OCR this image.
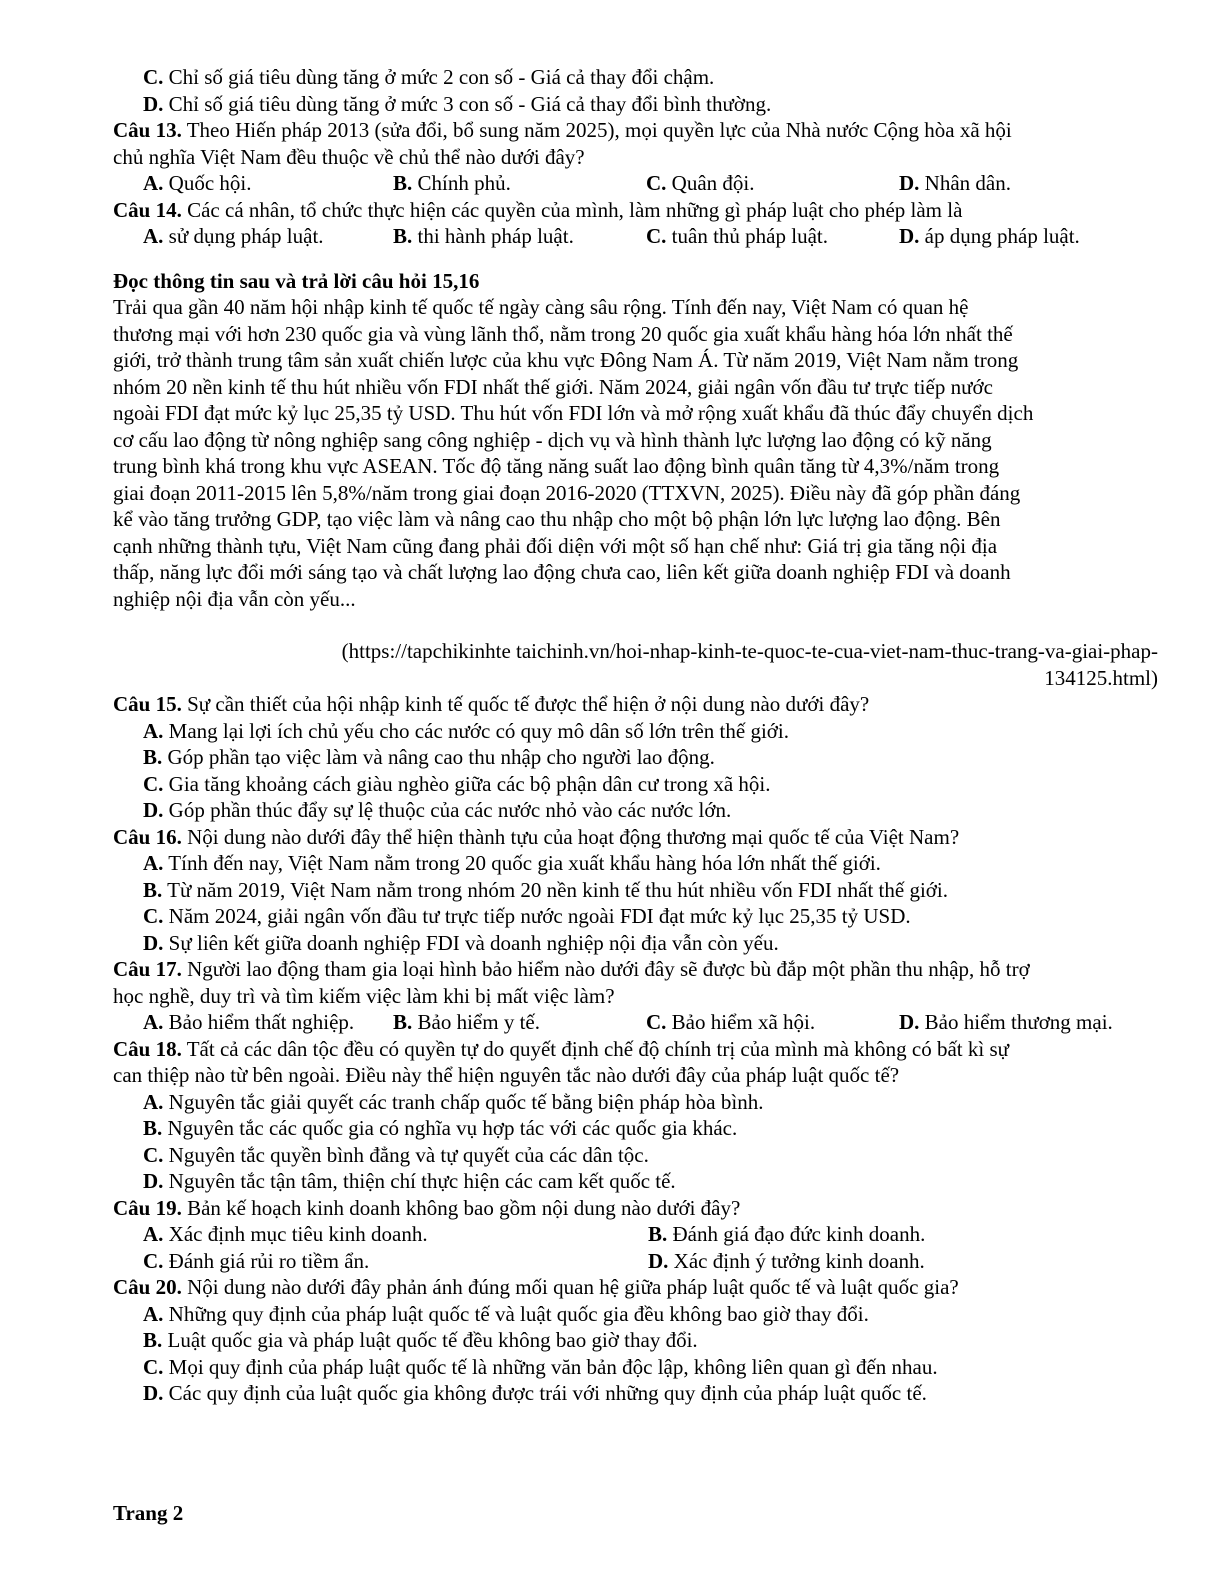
C. Chỉ số giá tiêu dùng tăng ở mức 2 con số - Giá cả thay đổi chậm.
D. Chỉ số giá tiêu dùng tăng ở mức 3 con số - Giá cả thay đổi bình thường.
Câu 13. Theo Hiến pháp 2013 (sửa đổi, bổ sung năm 2025), mọi quyền lực của Nhà nước Cộng hòa xã hội
chủ nghĩa Việt Nam đều thuộc về chủ thể nào dưới đây?
A. Quốc hội.	B. Chính phủ.	C. Quân đội.	D. Nhân dân.
Câu 14. Các cá nhân, tổ chức thực hiện các quyền của mình, làm những gì pháp luật cho phép làm là
A. sử dụng pháp luật.	B. thi hành pháp luật.	C. tuân thủ pháp luật.	D. áp dụng pháp luật.
Đọc thông tin sau và trả lời câu hỏi 15,16
Trải qua gần 40 năm hội nhập kinh tế quốc tế ngày càng sâu rộng. Tính đến nay, Việt Nam có quan hệ
thương mại với hơn 230 quốc gia và vùng lãnh thổ, nằm trong 20 quốc gia xuất khẩu hàng hóa lớn nhất thế
giới, trở thành trung tâm sản xuất chiến lược của khu vực Đông Nam Á. Từ năm 2019, Việt Nam nằm trong
nhóm 20 nền kinh tế thu hút nhiều vốn FDI nhất thế giới. Năm 2024, giải ngân vốn đầu tư trực tiếp nước
ngoài FDI đạt mức kỷ lục 25,35 tỷ USD. Thu hút vốn FDI lớn và mở rộng xuất khẩu đã thúc đẩy chuyển dịch
cơ cấu lao động từ nông nghiệp sang công nghiệp - dịch vụ và hình thành lực lượng lao động có kỹ năng
trung bình khá trong khu vực ASEAN. Tốc độ tăng năng suất lao động bình quân tăng từ 4,3%/năm trong
giai đoạn 2011-2015 lên 5,8%/năm trong giai đoạn 2016-2020 (TTXVN, 2025). Điều này đã góp phần đáng
kể vào tăng trưởng GDP, tạo việc làm và nâng cao thu nhập cho một bộ phận lớn lực lượng lao động. Bên
cạnh những thành tựu, Việt Nam cũng đang phải đối diện với một số hạn chế như: Giá trị gia tăng nội địa
thấp, năng lực đổi mới sáng tạo và chất lượng lao động chưa cao, liên kết giữa doanh nghiệp FDI và doanh
nghiệp nội địa vẫn còn yếu...
(https://tapchikinhte taichinh.vn/hoi-nhap-kinh-te-quoc-te-cua-viet-nam-thuc-trang-va-giai-phap-
134125.html)
Câu 15. Sự cần thiết của hội nhập kinh tế quốc tế được thể hiện ở nội dung nào dưới đây?
A. Mang lại lợi ích chủ yếu cho các nước có quy mô dân số lớn trên thế giới.
B. Góp phần tạo việc làm và nâng cao thu nhập cho người lao động.
C. Gia tăng khoảng cách giàu nghèo giữa các bộ phận dân cư trong xã hội.
D. Góp phần thúc đẩy sự lệ thuộc của các nước nhỏ vào các nước lớn.
Câu 16. Nội dung nào dưới đây thể hiện thành tựu của hoạt động thương mại quốc tế của Việt Nam?
A. Tính đến nay, Việt Nam nằm trong 20 quốc gia xuất khẩu hàng hóa lớn nhất thế giới.
B. Từ năm 2019, Việt Nam nằm trong nhóm 20 nền kinh tế thu hút nhiều vốn FDI nhất thế giới.
C. Năm 2024, giải ngân vốn đầu tư trực tiếp nước ngoài FDI đạt mức kỷ lục 25,35 tỷ USD.
D. Sự liên kết giữa doanh nghiệp FDI và doanh nghiệp nội địa vẫn còn yếu.
Câu 17. Người lao động tham gia loại hình bảo hiểm nào dưới đây sẽ được bù đắp một phần thu nhập, hỗ trợ
học nghề, duy trì và tìm kiếm việc làm khi bị mất việc làm?
A. Bảo hiểm thất nghiệp.	B. Bảo hiểm y tế.	C. Bảo hiểm xã hội.	D. Bảo hiểm thương mại.
Câu 18. Tất cả các dân tộc đều có quyền tự do quyết định chế độ chính trị của mình mà không có bất kì sự
can thiệp nào từ bên ngoài. Điều này thể hiện nguyên tắc nào dưới đây của pháp luật quốc tế?
A. Nguyên tắc giải quyết các tranh chấp quốc tế bằng biện pháp hòa bình.
B. Nguyên tắc các quốc gia có nghĩa vụ hợp tác với các quốc gia khác.
C. Nguyên tắc quyền bình đẳng và tự quyết của các dân tộc.
D. Nguyên tắc tận tâm, thiện chí thực hiện các cam kết quốc tế.
Câu 19. Bản kế hoạch kinh doanh không bao gồm nội dung nào dưới đây?
A. Xác định mục tiêu kinh doanh.	B. Đánh giá đạo đức kinh doanh.
C. Đánh giá rủi ro tiềm ẩn.	D. Xác định ý tưởng kinh doanh.
Câu 20. Nội dung nào dưới đây phản ánh đúng mối quan hệ giữa pháp luật quốc tế và luật quốc gia?
A. Những quy định của pháp luật quốc tế và luật quốc gia đều không bao giờ thay đổi.
B. Luật quốc gia và pháp luật quốc tế đều không bao giờ thay đổi.
C. Mọi quy định của pháp luật quốc tế là những văn bản độc lập, không liên quan gì đến nhau.
D. Các quy định của luật quốc gia không được trái với những quy định của pháp luật quốc tế.
Trang 2
